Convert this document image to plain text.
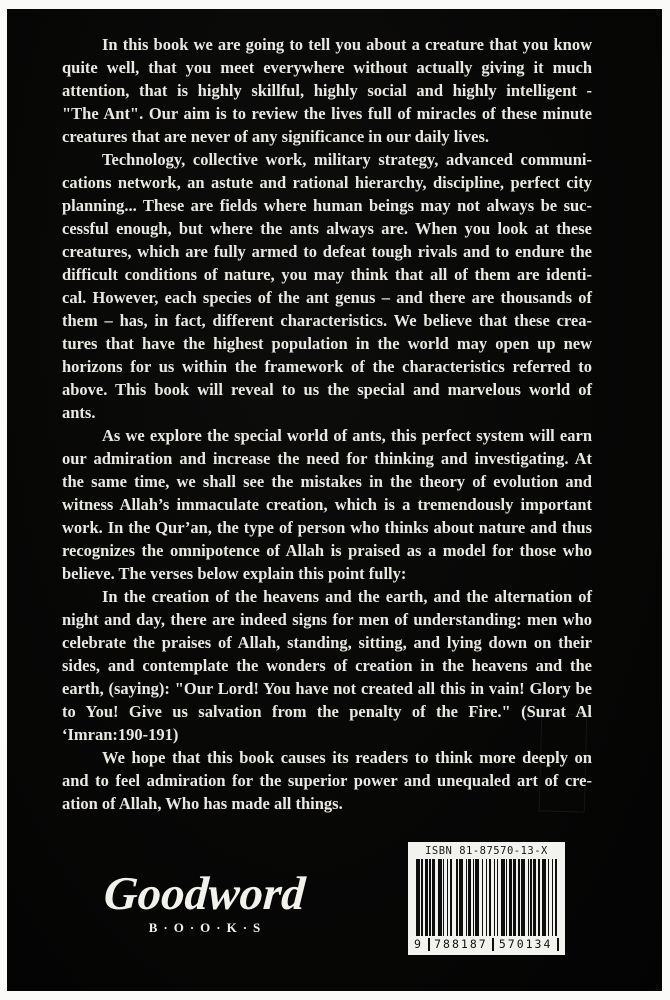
In this book we are going to tell you about a creature that you know
quite well, that you meet everywhere without actually giving it much
attention, that is highly skillful, highly social and highly intelligent -
"The Ant". Our aim is to review the lives full of miracles of these minute
creatures that are never of any significance in our daily lives.
Technology, collective work, military strategy, advanced communi-
cations network, an astute and rational hierarchy, discipline, perfect city
planning... These are fields where human beings may not always be suc-
cessful enough, but where the ants always are. When you look at these
creatures, which are fully armed to defeat tough rivals and to endure the
difficult conditions of nature, you may think that all of them are identi-
cal. However, each species of the ant genus – and there are thousands of
them – has, in fact, different characteristics. We believe that these crea-
tures that have the highest population in the world may open up new
horizons for us within the framework of the characteristics referred to
above. This book will reveal to us the special and marvelous world of
ants.
As we explore the special world of ants, this perfect system will earn
our admiration and increase the need for thinking and investigating. At
the same time, we shall see the mistakes in the theory of evolution and
witness Allah’s immaculate creation, which is a tremendously important
work. In the Qur’an, the type of person who thinks about nature and thus
recognizes the omnipotence of Allah is praised as a model for those who
believe. The verses below explain this point fully:
In the creation of the heavens and the earth, and the alternation of
night and day, there are indeed signs for men of understanding: men who
celebrate the praises of Allah, standing, sitting, and lying down on their
sides, and contemplate the wonders of creation in the heavens and the
earth, (saying): "Our Lord! You have not created all this in vain! Glory be
to You! Give us salvation from the penalty of the Fire." (Surat Al
‘Imran:190-191)
We hope that this book causes its readers to think more deeply on
and to feel admiration for the superior power and unequaled art of cre-
ation of Allah, Who has made all things.
Goodword
B·O·O·K·S
ISBN 81-87570-13-X
9 788187 570134
